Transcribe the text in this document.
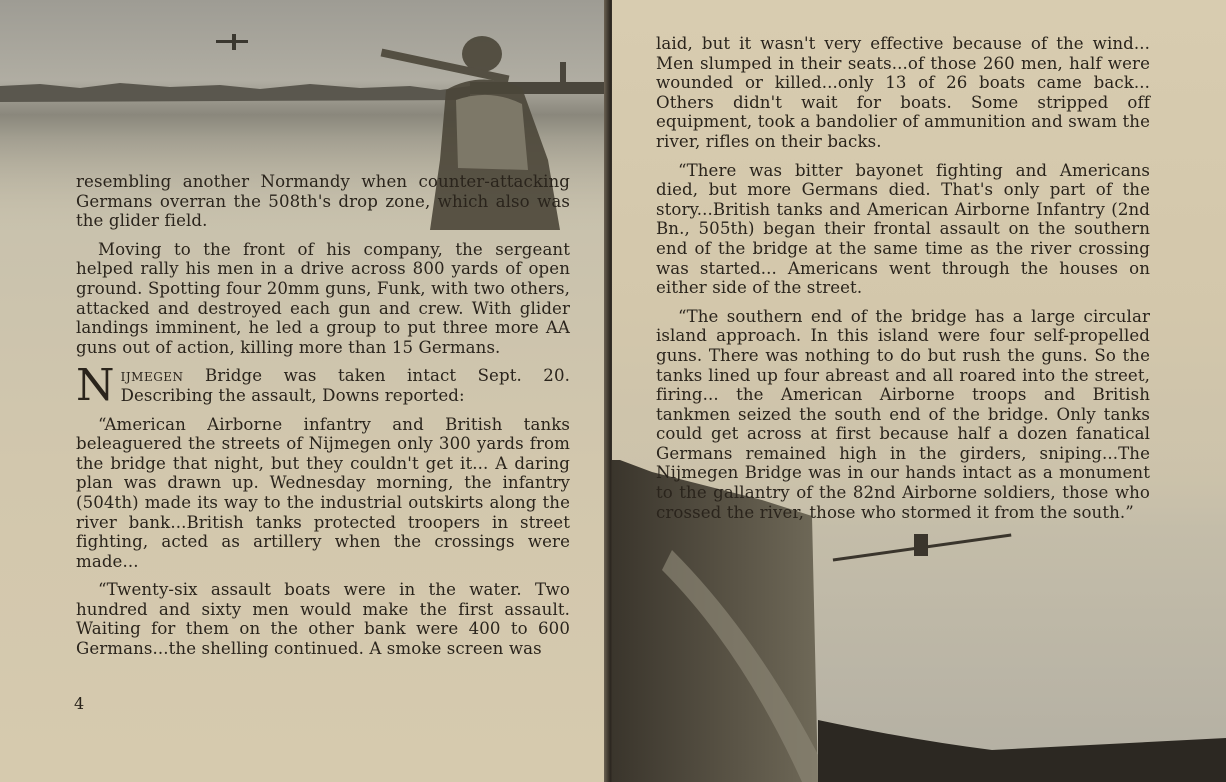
resembling another Normandy when counter-attacking Germans overran the 508th's drop zone, which also was the glider field.

Moving to the front of his company, the sergeant helped rally his men in a drive across 800 yards of open ground. Spotting four 20mm guns, Funk, with two others, attacked and destroyed each gun and crew. With glider landings imminent, he led a group to put three more AA guns out of action, killing more than 15 Germans.

Nijmegen Bridge was taken intact Sept. 20. Describing the assault, Downs reported:

“American Airborne infantry and British tanks beleaguered the streets of Nijmegen only 300 yards from the bridge that night, but they couldn't get it... A daring plan was drawn up. Wednesday morning, the infantry (504th) made its way to the industrial outskirts along the river bank...British tanks protected troopers in street fighting, acted as artillery when the crossings were made...

“Twenty-six assault boats were in the water. Two hundred and sixty men would make the first assault. Waiting for them on the other bank were 400 to 600 Germans...the shelling continued. A smoke screen was

4

laid, but it wasn't very effective because of the wind... Men slumped in their seats...of those 260 men, half were wounded or killed...only 13 of 26 boats came back... Others didn't wait for boats. Some stripped off equipment, took a bandolier of ammunition and swam the river, rifles on their backs.

“There was bitter bayonet fighting and Americans died, but more Germans died. That's only part of the story...British tanks and American Airborne Infantry (2nd Bn., 505th) began their frontal assault on the southern end of the bridge at the same time as the river crossing was started... Americans went through the houses on either side of the street.

“The southern end of the bridge has a large circular island approach. In this island were four self-propelled guns. There was nothing to do but rush the guns. So the tanks lined up four abreast and all roared into the street, firing... the American Airborne troops and British tankmen seized the south end of the bridge. Only tanks could get across at first because half a dozen fanatical Germans remained high in the girders, sniping...The Nijmegen Bridge was in our hands intact as a monument to the gallantry of the 82nd Airborne soldiers, those who crossed the river, those who stormed it from the south.”
